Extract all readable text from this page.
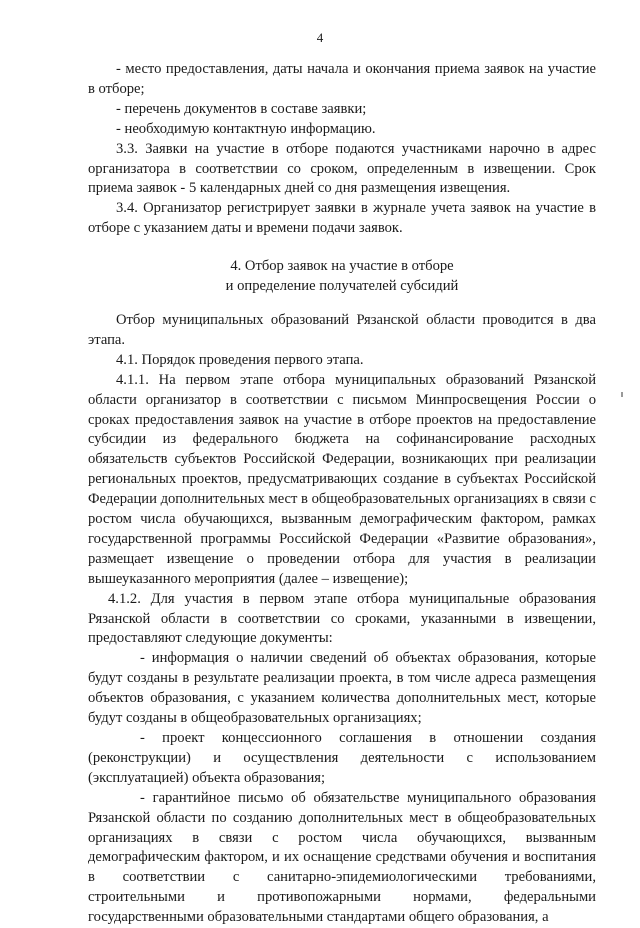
4

- место предоставления, даты начала и окончания приема заявок на участие в отборе;

- перечень документов в составе заявки;

- необходимую контактную информацию.

3.3. Заявки на участие в отборе подаются участниками нарочно в адрес организатора в соответствии со сроком, определенным в извещении. Срок приема заявок - 5 календарных дней со дня размещения извещения.

3.4. Организатор регистрирует заявки в журнале учета заявок на участие в отборе с указанием даты и времени подачи заявок.

4. Отбор заявок на участие в отборе

и определение получателей субсидий

Отбор муниципальных образований Рязанской области проводится в два этапа.

4.1. Порядок проведения первого этапа.

4.1.1. На первом этапе отбора муниципальных образований Рязанской области организатор в соответствии с письмом Минпросвещения России о сроках предоставления заявок на участие в отборе проектов на предоставление субсидии из федерального бюджета на софинансирование расходных обязательств субъектов Российской Федерации, возникающих при реализации региональных проектов, предусматривающих создание в субъектах Российской Федерации дополнительных мест в общеобразовательных организациях в связи с ростом числа обучающихся, вызванным демографическим фактором, рамках государственной программы Российской Федерации «Развитие образования», размещает извещение о проведении отбора для участия в реализации вышеуказанного мероприятия (далее – извещение);

4.1.2. Для участия в первом этапе отбора муниципальные образования Рязанской области в соответствии со сроками, указанными в извещении, предоставляют следующие документы:

- информация о наличии сведений об объектах образования, которые будут созданы в результате реализации проекта, в том числе адреса размещения объектов образования, с указанием количества дополнительных мест, которые будут созданы в общеобразовательных организациях;

- проект концессионного соглашения в отношении создания (реконструкции) и осуществления деятельности с использованием (эксплуатацией) объекта образования;

- гарантийное письмо об обязательстве муниципального образования Рязанской области по созданию дополнительных мест в общеобразовательных организациях в связи с ростом числа обучающихся, вызванным демографическим фактором, и их оснащение средствами обучения и воспитания в соответствии с санитарно-эпидемиологическими требованиями, строительными и противопожарными нормами, федеральными государственными образовательными стандартами общего образования, а
